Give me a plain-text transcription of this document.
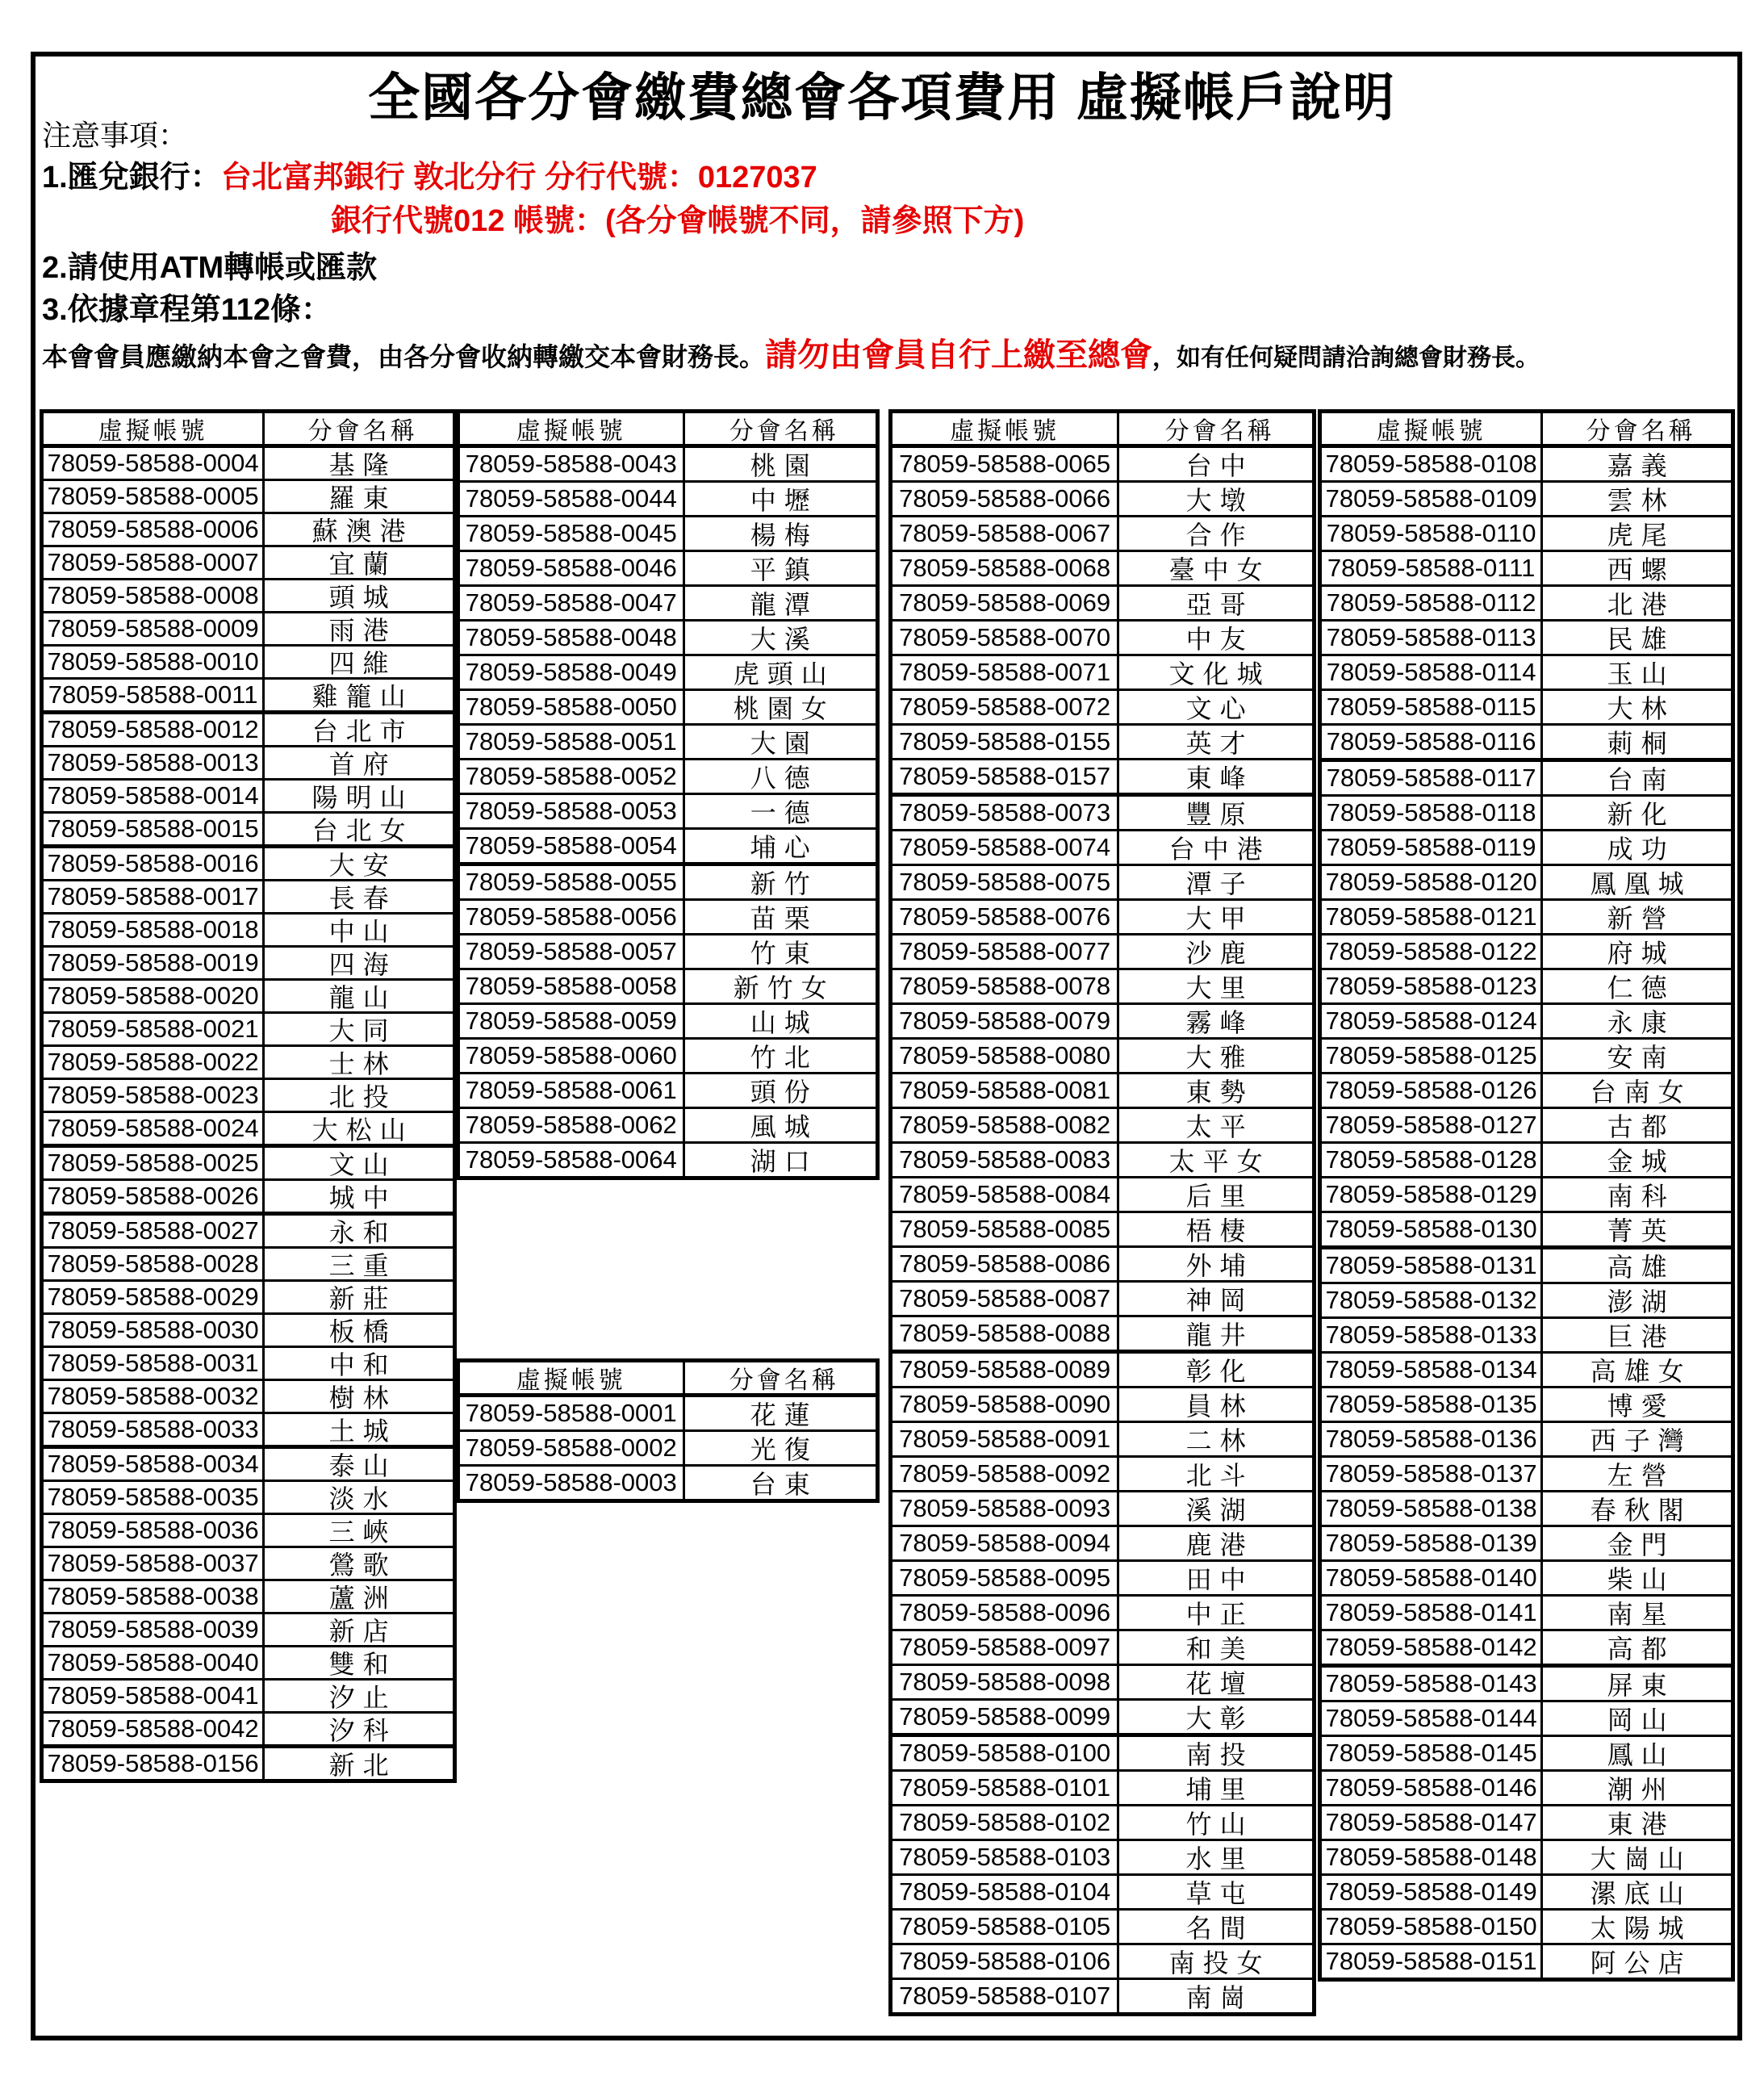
全國各分會繳費總會各項費用 虛擬帳戶說明
注意事項：
1.匯兌銀行：台北富邦銀行 敦北分行 分行代號：0127037
銀行代號012 帳號：(各分會帳號不同，請參照下方)
2.請使用ATM轉帳或匯款
3.依據章程第112條：
本會會員應繳納本會之會費，由各分會收納轉繳交本會財務長。請勿由會員自行上繳至總會，如有任何疑問請洽詢總會財務長。
虛擬帳號	分會名稱
78059-58588-0004	基隆
78059-58588-0005	羅東
78059-58588-0006	蘇澳港
78059-58588-0007	宜蘭
78059-58588-0008	頭城
78059-58588-0009	雨港
78059-58588-0010	四維
78059-58588-0011	雞籠山
78059-58588-0012	台北市
78059-58588-0013	首府
78059-58588-0014	陽明山
78059-58588-0015	台北女
78059-58588-0016	大安
78059-58588-0017	長春
78059-58588-0018	中山
78059-58588-0019	四海
78059-58588-0020	龍山
78059-58588-0021	大同
78059-58588-0022	士林
78059-58588-0023	北投
78059-58588-0024	大松山
78059-58588-0025	文山
78059-58588-0026	城中
78059-58588-0027	永和
78059-58588-0028	三重
78059-58588-0029	新莊
78059-58588-0030	板橋
78059-58588-0031	中和
78059-58588-0032	樹林
78059-58588-0033	土城
78059-58588-0034	泰山
78059-58588-0035	淡水
78059-58588-0036	三峽
78059-58588-0037	鶯歌
78059-58588-0038	蘆洲
78059-58588-0039	新店
78059-58588-0040	雙和
78059-58588-0041	汐止
78059-58588-0042	汐科
78059-58588-0156	新北
虛擬帳號	分會名稱
78059-58588-0043	桃園
78059-58588-0044	中壢
78059-58588-0045	楊梅
78059-58588-0046	平鎮
78059-58588-0047	龍潭
78059-58588-0048	大溪
78059-58588-0049	虎頭山
78059-58588-0050	桃園女
78059-58588-0051	大園
78059-58588-0052	八德
78059-58588-0053	一德
78059-58588-0054	埔心
78059-58588-0055	新竹
78059-58588-0056	苗栗
78059-58588-0057	竹東
78059-58588-0058	新竹女
78059-58588-0059	山城
78059-58588-0060	竹北
78059-58588-0061	頭份
78059-58588-0062	風城
78059-58588-0064	湖口
虛擬帳號	分會名稱
78059-58588-0001	花蓮
78059-58588-0002	光復
78059-58588-0003	台東
虛擬帳號	分會名稱
78059-58588-0065	台中
78059-58588-0066	大墩
78059-58588-0067	合作
78059-58588-0068	臺中女
78059-58588-0069	亞哥
78059-58588-0070	中友
78059-58588-0071	文化城
78059-58588-0072	文心
78059-58588-0155	英才
78059-58588-0157	東峰
78059-58588-0073	豐原
78059-58588-0074	台中港
78059-58588-0075	潭子
78059-58588-0076	大甲
78059-58588-0077	沙鹿
78059-58588-0078	大里
78059-58588-0079	霧峰
78059-58588-0080	大雅
78059-58588-0081	東勢
78059-58588-0082	太平
78059-58588-0083	太平女
78059-58588-0084	后里
78059-58588-0085	梧棲
78059-58588-0086	外埔
78059-58588-0087	神岡
78059-58588-0088	龍井
78059-58588-0089	彰化
78059-58588-0090	員林
78059-58588-0091	二林
78059-58588-0092	北斗
78059-58588-0093	溪湖
78059-58588-0094	鹿港
78059-58588-0095	田中
78059-58588-0096	中正
78059-58588-0097	和美
78059-58588-0098	花壇
78059-58588-0099	大彰
78059-58588-0100	南投
78059-58588-0101	埔里
78059-58588-0102	竹山
78059-58588-0103	水里
78059-58588-0104	草屯
78059-58588-0105	名間
78059-58588-0106	南投女
78059-58588-0107	南崗
虛擬帳號	分會名稱
78059-58588-0108	嘉義
78059-58588-0109	雲林
78059-58588-0110	虎尾
78059-58588-0111	西螺
78059-58588-0112	北港
78059-58588-0113	民雄
78059-58588-0114	玉山
78059-58588-0115	大林
78059-58588-0116	莿桐
78059-58588-0117	台南
78059-58588-0118	新化
78059-58588-0119	成功
78059-58588-0120	鳳凰城
78059-58588-0121	新營
78059-58588-0122	府城
78059-58588-0123	仁德
78059-58588-0124	永康
78059-58588-0125	安南
78059-58588-0126	台南女
78059-58588-0127	古都
78059-58588-0128	金城
78059-58588-0129	南科
78059-58588-0130	菁英
78059-58588-0131	高雄
78059-58588-0132	澎湖
78059-58588-0133	巨港
78059-58588-0134	高雄女
78059-58588-0135	博愛
78059-58588-0136	西子灣
78059-58588-0137	左營
78059-58588-0138	春秋閣
78059-58588-0139	金門
78059-58588-0140	柴山
78059-58588-0141	南星
78059-58588-0142	高都
78059-58588-0143	屏東
78059-58588-0144	岡山
78059-58588-0145	鳳山
78059-58588-0146	潮州
78059-58588-0147	東港
78059-58588-0148	大崗山
78059-58588-0149	漯底山
78059-58588-0150	太陽城
78059-58588-0151	阿公店
